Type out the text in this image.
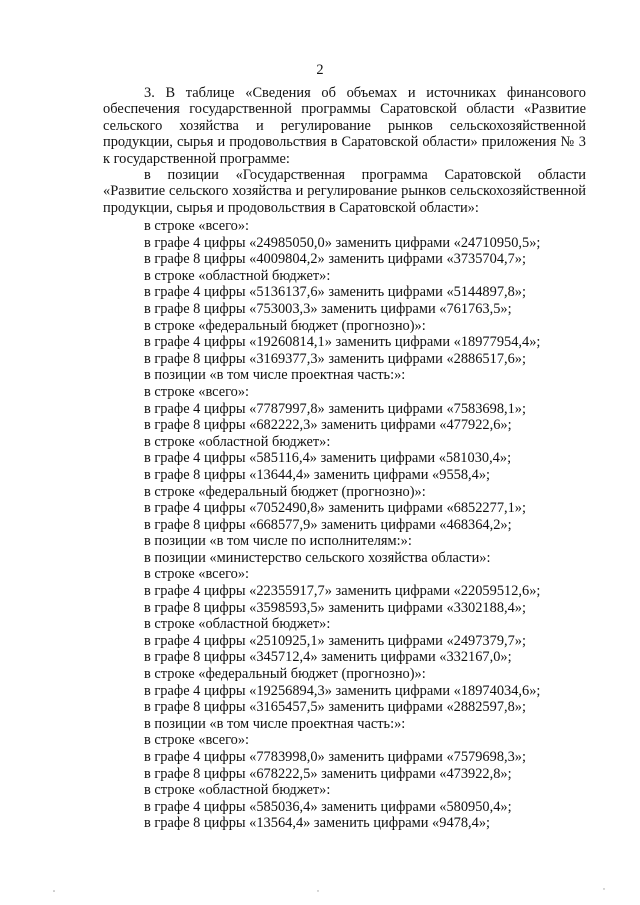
2

3. В таблице «Сведения об объемах и источниках финансового обеспечения государственной программы Саратовской области «Развитие сельского хозяйства и регулирование рынков сельскохозяйственной продукции, сырья и продовольствия в Саратовской области» приложения № 3 к государственной программе:

в позиции «Государственная программа Саратовской области «Развитие сельского хозяйства и регулирование рынков сельскохозяйственной продукции, сырья и продовольствия в Саратовской области»:

в строке «всего»:
в графе 4 цифры «24985050,0» заменить цифрами «24710950,5»;
в графе 8 цифры «4009804,2» заменить цифрами «3735704,7»;
в строке «областной бюджет»:
в графе 4 цифры «5136137,6» заменить цифрами «5144897,8»;
в графе 8 цифры «753003,3» заменить цифрами «761763,5»;
в строке «федеральный бюджет (прогнозно)»:
в графе 4 цифры «19260814,1» заменить цифрами «18977954,4»;
в графе 8 цифры «3169377,3» заменить цифрами «2886517,6»;
в позиции «в том числе проектная часть:»:
в строке «всего»:
в графе 4 цифры «7787997,8» заменить цифрами «7583698,1»;
в графе 8 цифры «682222,3» заменить цифрами «477922,6»;
в строке «областной бюджет»:
в графе 4 цифры «585116,4» заменить цифрами «581030,4»;
в графе 8 цифры «13644,4» заменить цифрами «9558,4»;
в строке «федеральный бюджет (прогнозно)»:
в графе 4 цифры «7052490,8» заменить цифрами «6852277,1»;
в графе 8 цифры «668577,9» заменить цифрами «468364,2»;
в позиции «в том числе по исполнителям:»:
в позиции «министерство сельского хозяйства области»:
в строке «всего»:
в графе 4 цифры «22355917,7» заменить цифрами «22059512,6»;
в графе 8 цифры «3598593,5» заменить цифрами «3302188,4»;
в строке «областной бюджет»:
в графе 4 цифры «2510925,1» заменить цифрами «2497379,7»;
в графе 8 цифры «345712,4» заменить цифрами «332167,0»;
в строке «федеральный бюджет (прогнозно)»:
в графе 4 цифры «19256894,3» заменить цифрами «18974034,6»;
в графе 8 цифры «3165457,5» заменить цифрами «2882597,8»;
в позиции «в том числе проектная часть:»:
в строке «всего»:
в графе 4 цифры «7783998,0» заменить цифрами «7579698,3»;
в графе 8 цифры «678222,5» заменить цифрами «473922,8»;
в строке «областной бюджет»:
в графе 4 цифры «585036,4» заменить цифрами «580950,4»;
в графе 8 цифры «13564,4» заменить цифрами «9478,4»;
